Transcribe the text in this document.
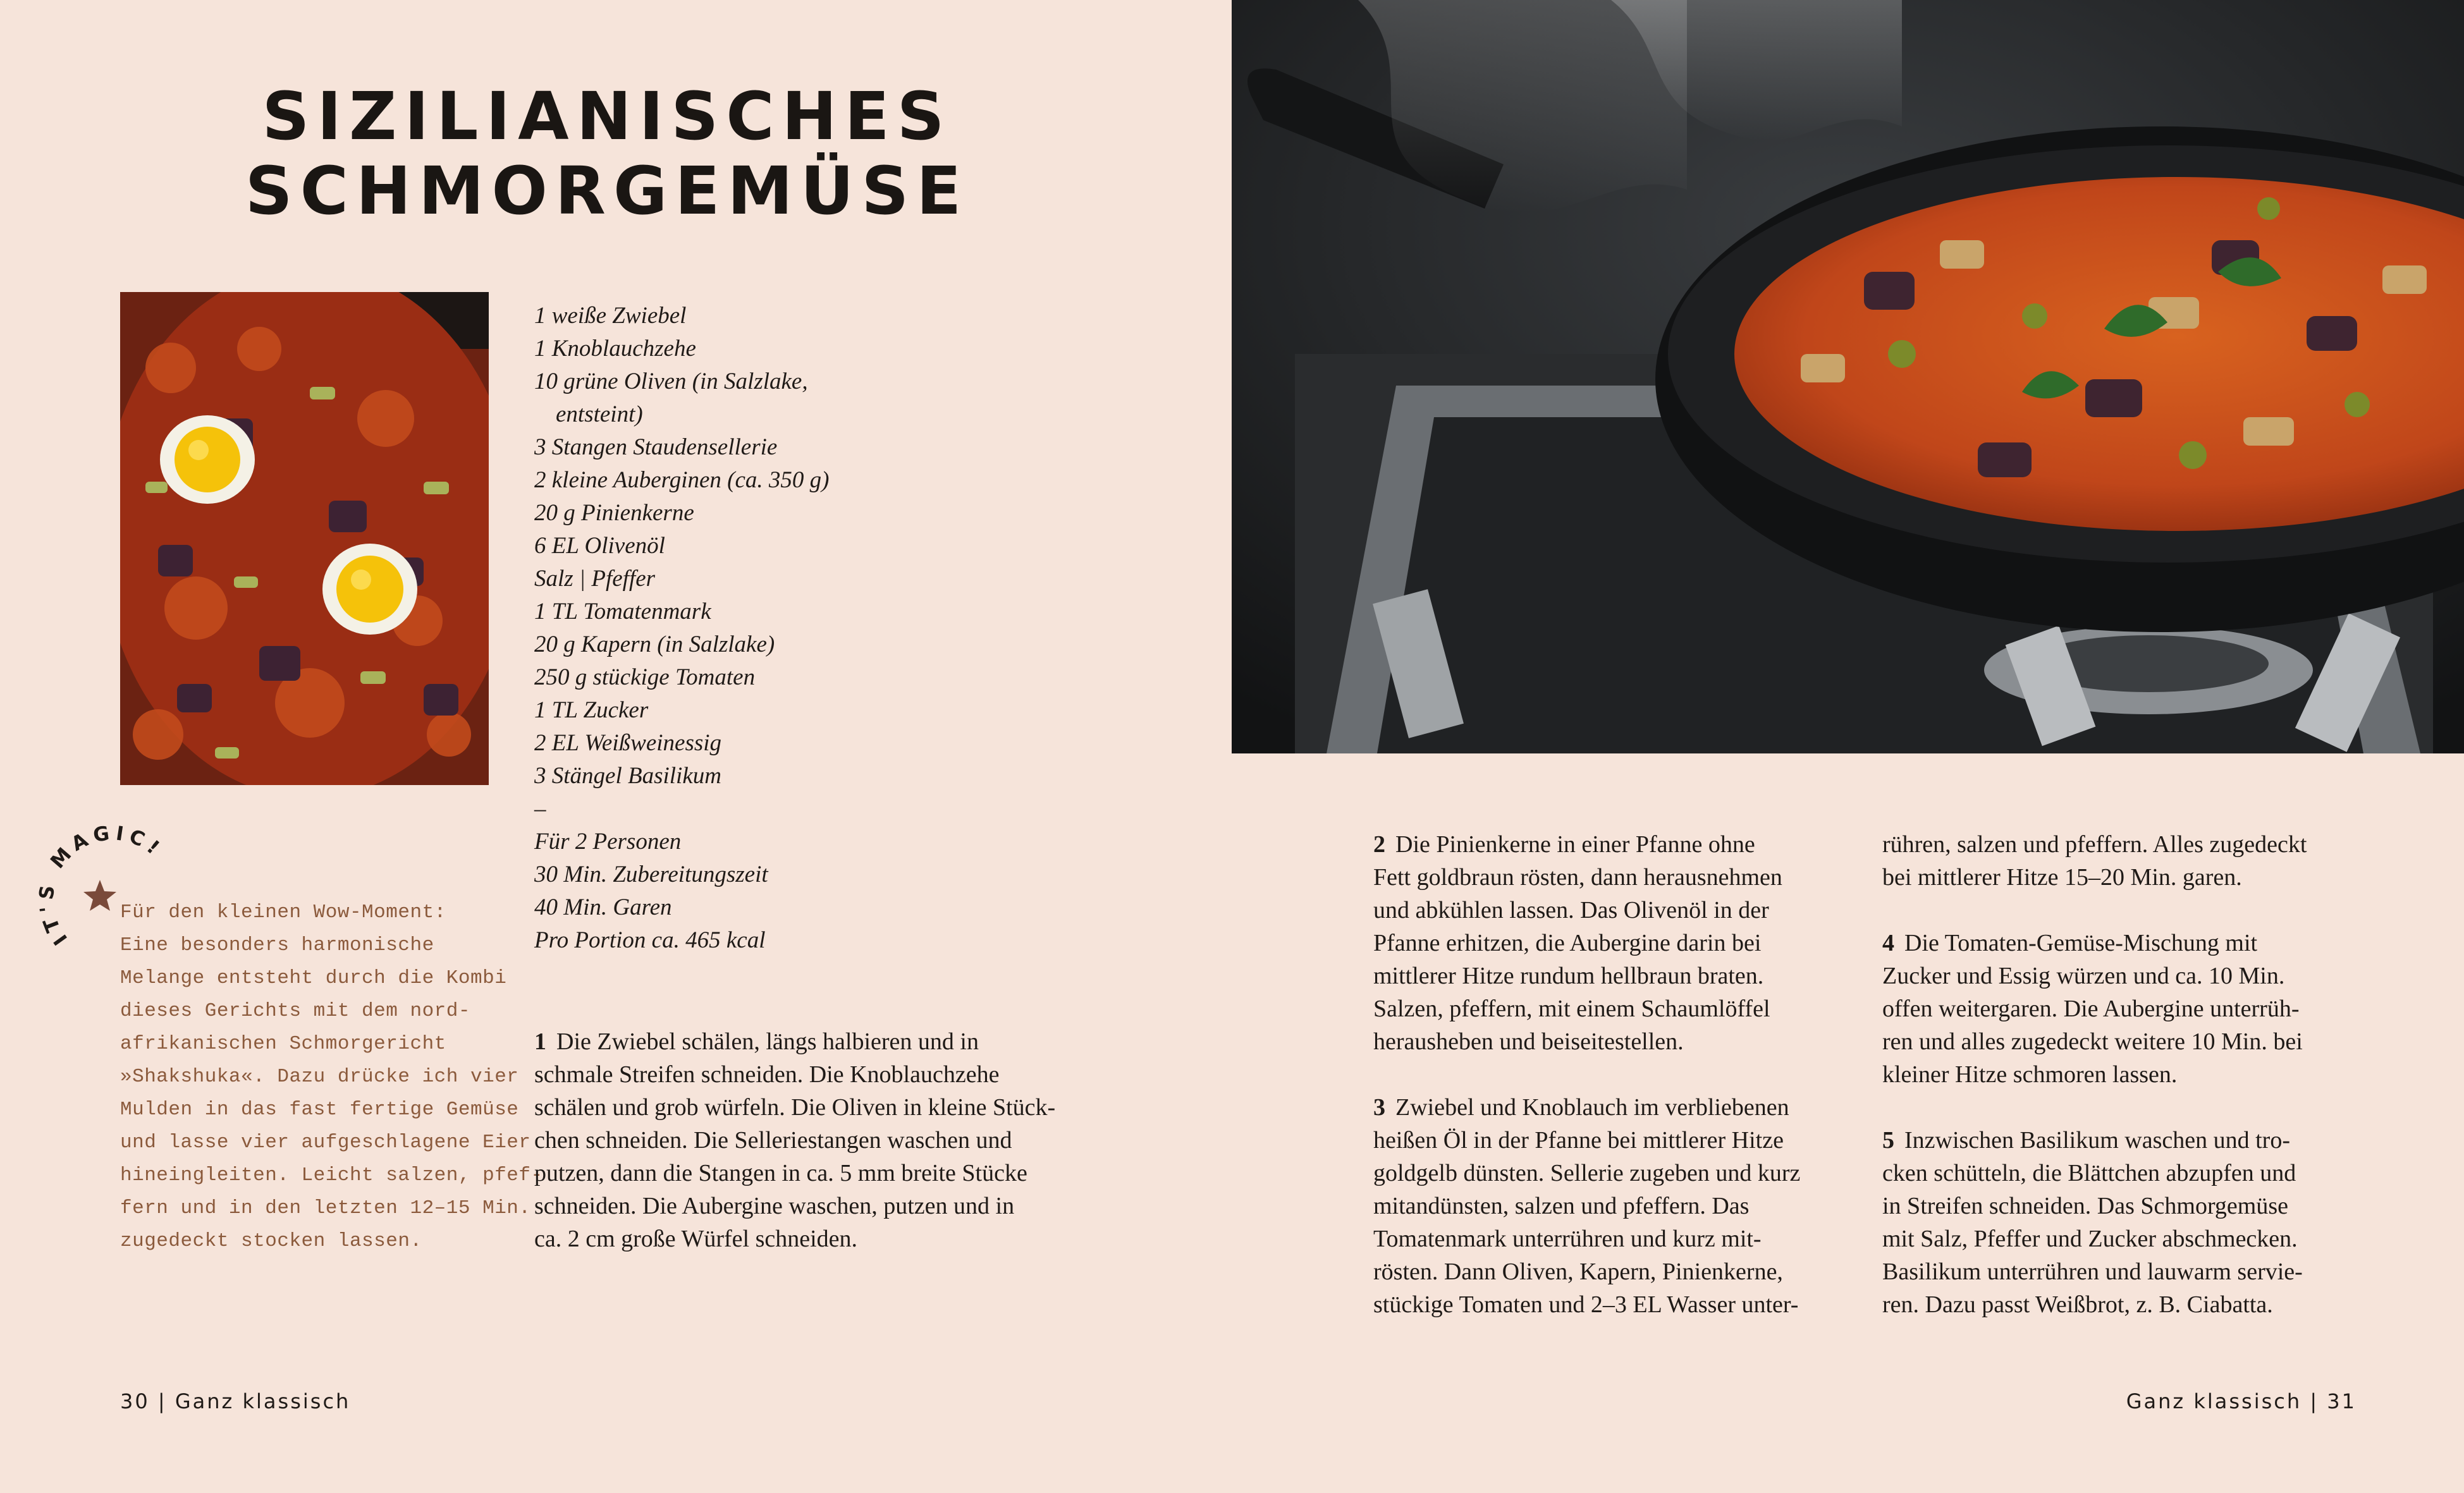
SIZILIANISCHES
SCHMORGEMÜSE
1 weiße Zwiebel
1 Knoblauchzehe
10 grüne Oliven (in Salzlake,
entsteint)
3 Stangen Staudensellerie
2 kleine Auberginen (ca. 350 g)
20 g Pinienkerne
6 EL Olivenöl
Salz | Pfeffer
1 TL Tomatenmark
20 g Kapern (in Salzlake)
250 g stückige Tomaten
1 TL Zucker
2 EL Weißweinessig
3 Stängel Basilikum
–
Für 2 Personen
30 Min. Zubereitungszeit
40 Min. Garen
Pro Portion ca. 465 kcal
IT'S MAGIC!
Für den kleinen Wow-Moment:
Eine besonders harmonische
Melange entsteht durch die Kombi
dieses Gerichts mit dem nord-
afrikanischen Schmorgericht
»Shakshuka«. Dazu drücke ich vier
Mulden in das fast fertige Gemüse
und lasse vier aufgeschlagene Eier
hineingleiten. Leicht salzen, pfef-
fern und in den letzten 12–15 Min.
zugedeckt stocken lassen.
1 Die Zwiebel schälen, längs halbieren und in
schmale Streifen schneiden. Die Knoblauchzehe
schälen und grob würfeln. Die Oliven in kleine Stück-
chen schneiden. Die Selleriestangen waschen und
putzen, dann die Stangen in ca. 5 mm breite Stücke
schneiden. Die Aubergine waschen, putzen und in
ca. 2 cm große Würfel schneiden.
2 Die Pinienkerne in einer Pfanne ohne
Fett goldbraun rösten, dann herausnehmen
und abkühlen lassen. Das Olivenöl in der
Pfanne erhitzen, die Aubergine darin bei
mittlerer Hitze rundum hellbraun braten.
Salzen, pfeffern, mit einem Schaumlöffel
herausheben und beiseitestellen.
3 Zwiebel und Knoblauch im verbliebenen
heißen Öl in der Pfanne bei mittlerer Hitze
goldgelb dünsten. Sellerie zugeben und kurz
mitandünsten, salzen und pfeffern. Das
Tomatenmark unterrühren und kurz mit-
rösten. Dann Oliven, Kapern, Pinienkerne,
stückige Tomaten und 2–3 EL Wasser unter-
rühren, salzen und pfeffern. Alles zugedeckt
bei mittlerer Hitze 15–20 Min. garen.
4 Die Tomaten-Gemüse-Mischung mit
Zucker und Essig würzen und ca. 10 Min.
offen weitergaren. Die Aubergine unterrüh-
ren und alles zugedeckt weitere 10 Min. bei
kleiner Hitze schmoren lassen.
5 Inzwischen Basilikum waschen und tro-
cken schütteln, die Blättchen abzupfen und
in Streifen schneiden. Das Schmorgemüse
mit Salz, Pfeffer und Zucker abschmecken.
Basilikum unterrühren und lauwarm servie-
ren. Dazu passt Weißbrot, z. B. Ciabatta.
30 | Ganz klassisch	Ganz klassisch | 31
